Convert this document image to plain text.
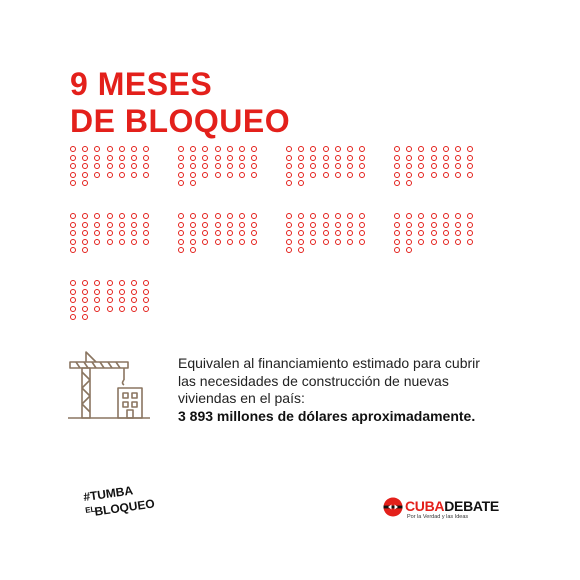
9 MESES
DE BLOQUEO
Equivalen al financiamiento estimado para cubrir
las necesidades de construcción de nuevas
viviendas en el país:
3 893 millones de dólares aproximadamente.
#TUMBA
EL
BLOQUEO	CUBADEBATE
Por la Verdad y las Ideas
